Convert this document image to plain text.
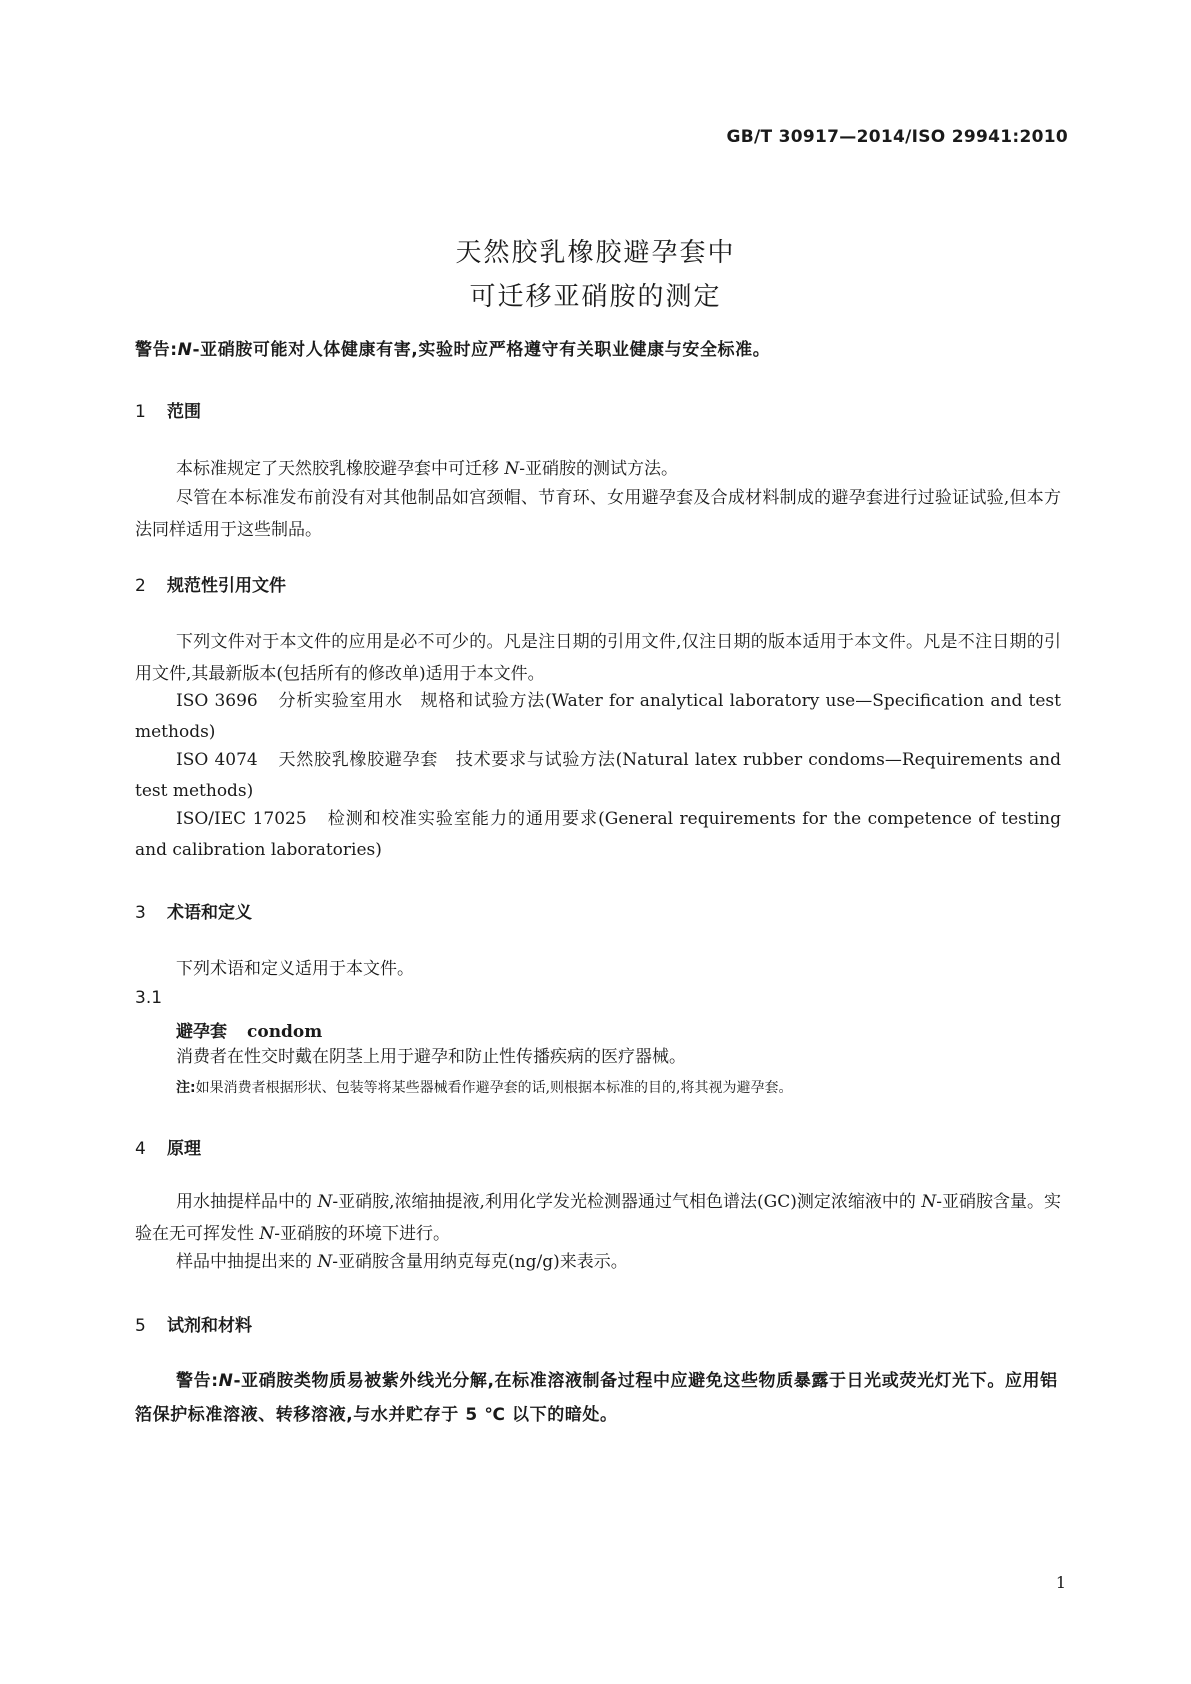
GB/T 30917—2014/ISO 29941:2010
天然胶乳橡胶避孕套中
可迁移亚硝胺的测定
警告:N-亚硝胺可能对人体健康有害,实验时应严格遵守有关职业健康与安全标准。
1 范围
本标准规定了天然胶乳橡胶避孕套中可迁移 N-亚硝胺的测试方法。
尽管在本标准发布前没有对其他制品如宫颈帽、节育环、女用避孕套及合成材料制成的避孕套进行过验证试验,但本方法同样适用于这些制品。
2 规范性引用文件
下列文件对于本文件的应用是必不可少的。凡是注日期的引用文件,仅注日期的版本适用于本文件。凡是不注日期的引用文件,其最新版本(包括所有的修改单)适用于本文件。
ISO 3696 分析实验室用水　规格和试验方法(Water for analytical laboratory use—Specification and test methods)
ISO 4074 天然胶乳橡胶避孕套　技术要求与试验方法(Natural latex rubber condoms—Requirements and test methods)
ISO/IEC 17025 检测和校准实验室能力的通用要求(General requirements for the competence of testing and calibration laboratories)
3 术语和定义
下列术语和定义适用于本文件。
3.1
避孕套 condom
消费者在性交时戴在阴茎上用于避孕和防止性传播疾病的医疗器械。
注:如果消费者根据形状、包装等将某些器械看作避孕套的话,则根据本标准的目的,将其视为避孕套。
4 原理
用水抽提样品中的 N-亚硝胺,浓缩抽提液,利用化学发光检测器通过气相色谱法(GC)测定浓缩液中的 N-亚硝胺含量。实验在无可挥发性 N-亚硝胺的环境下进行。
样品中抽提出来的 N-亚硝胺含量用纳克每克(ng/g)来表示。
5 试剂和材料
警告:N-亚硝胺类物质易被紫外线光分解,在标准溶液制备过程中应避免这些物质暴露于日光或荧光灯光下。应用铝箔保护标准溶液、转移溶液,与水并贮存于 5 ℃ 以下的暗处。
1
